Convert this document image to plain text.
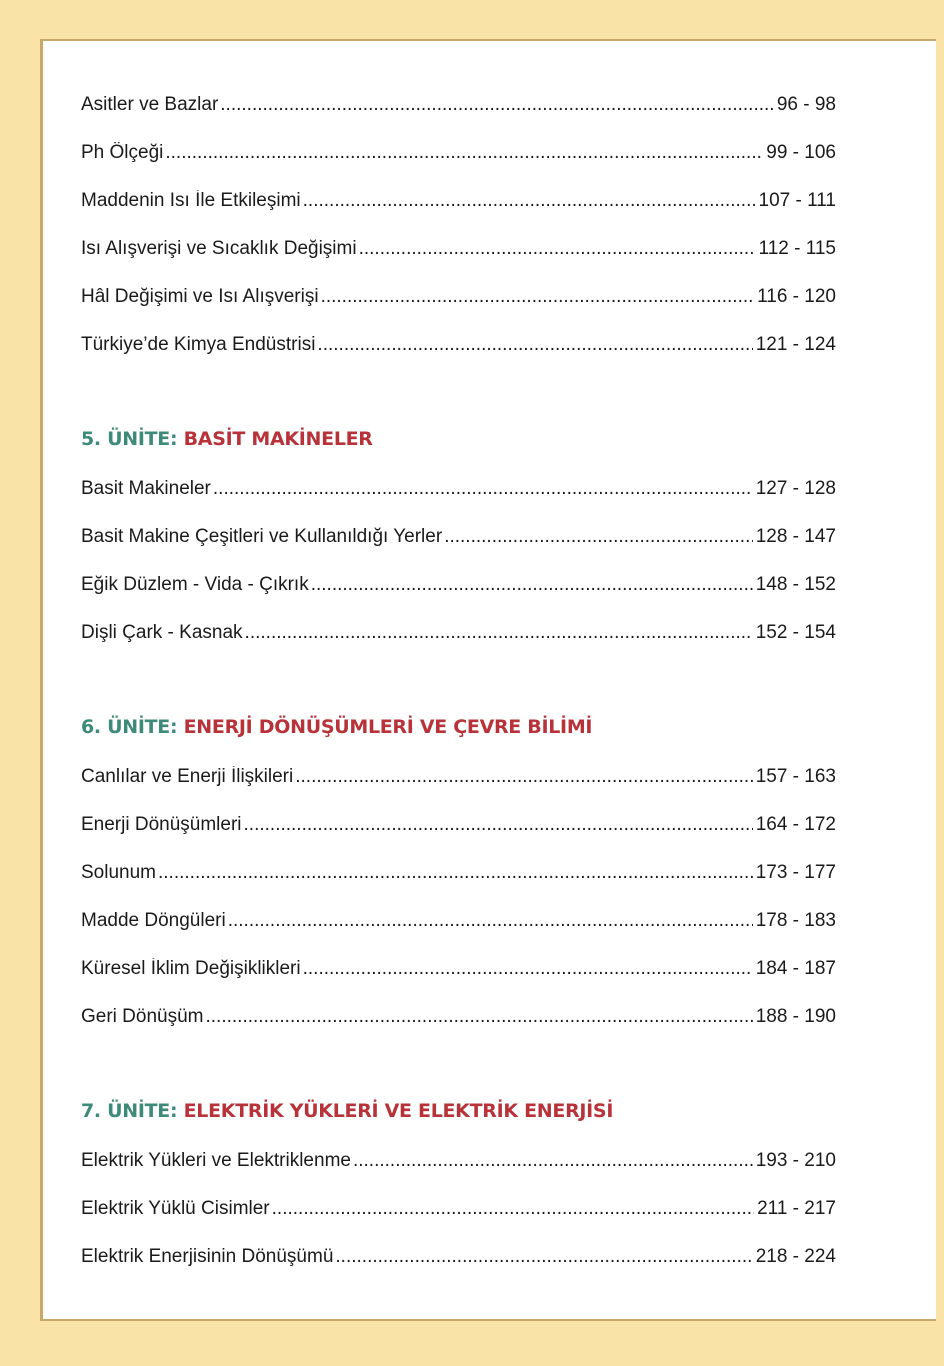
Asitler ve Bazlar .....	96 - 98
Ph Ölçeği .....	99 - 106
Maddenin Isı İle Etkileşimi .....	107 - 111
Isı Alışverişi ve Sıcaklık Değişimi .....	112 - 115
Hâl Değişimi ve Isı Alışverişi .....	116 - 120
Türkiye’de Kimya Endüstrisi .....	121 - 124
5. ÜNİTE: BASİT MAKİNELER
Basit Makineler .....	127 - 128
Basit Makine Çeşitleri ve Kullanıldığı Yerler .....	128 - 147
Eğik Düzlem - Vida - Çıkrık .....	148 - 152
Dişli Çark - Kasnak .....	152 - 154
6. ÜNİTE: ENERJİ DÖNÜŞÜMLERİ VE ÇEVRE BİLİMİ
Canlılar ve Enerji İlişkileri .....	157 - 163
Enerji Dönüşümleri .....	164 - 172
Solunum .....	173 - 177
Madde Döngüleri .....	178 - 183
Küresel İklim Değişiklikleri .....	184 - 187
Geri Dönüşüm .....	188 - 190
7. ÜNİTE: ELEKTRİK YÜKLERİ VE ELEKTRİK ENERJİSİ
Elektrik Yükleri ve Elektriklenme .....	193 - 210
Elektrik Yüklü Cisimler .....	211 - 217
Elektrik Enerjisinin Dönüşümü .....	218 - 224
